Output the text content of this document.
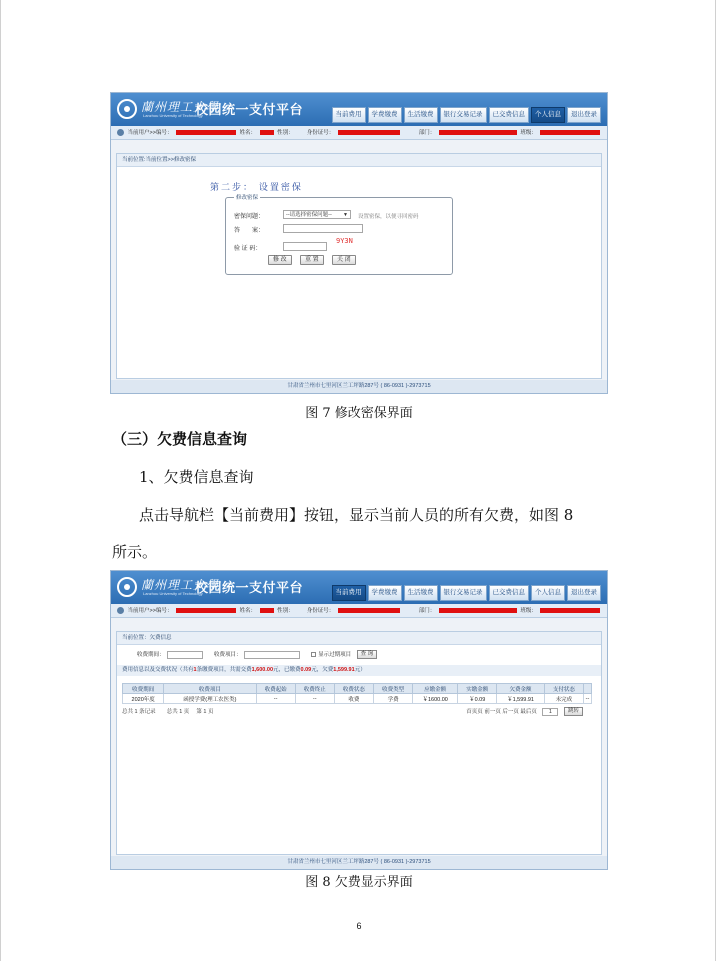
蘭州理工大學
Lanzhou University of Technology
校园统一支付平台	当前费用	学费缴费	生活缴费	银行交易记录	已交费信息	个人信息	退出登录
当前用户>>编号：	姓名：	性别： 身份证号：	部门：	班级：
当前位置:当前位置>>修改密保
第二步： 设置密保
修改密保
密保问题：	--请选择密保问题-- ▼ 设置密保，以便寻回密码
答　　案：
9Y3N
验 证 码：
修 改	重 置	关 闭
甘肃省兰州市七里河区兰工坪路287号 ( 86-0931 )-2973715
图 7 修改密保界面
（三）欠费信息查询
1、欠费信息查询
点击导航栏【当前费用】按钮，显示当前人员的所有欠费，如图 8
所示。
蘭州理工大學
Lanzhou University of Technology
校园统一支付平台	当前费用	学费缴费	生活缴费	银行交易记录	已交费信息	个人信息	退出登录
当前用户>>编号：	姓名：	性别： 身份证号：	部门：	班级：
当前位置：欠费信息
收费期间：	收费项目：	显示过期项目 查 询
费用信息以及交费状况（共有1条缴费项目，共需交费1,600.00元，已缴费0.09元，欠费1,599.91元）
收费期间	收费项目	收费起始	收费终止	收费状态	收费类型	应缴金额	实缴金额	欠费金额	支付状态	
2020年度	函授学费(理工农医类)	--	--	收费	学费	￥1600.00	￥0.09	￥1,599.91	未完成	--
总共 1 条记录 总共 1 页 第 1 页	首页页 前一页 后一页 最后页 1	跳转
甘肃省兰州市七里河区兰工坪路287号 ( 86-0931 )-2973715
图 8 欠费显示界面
6
